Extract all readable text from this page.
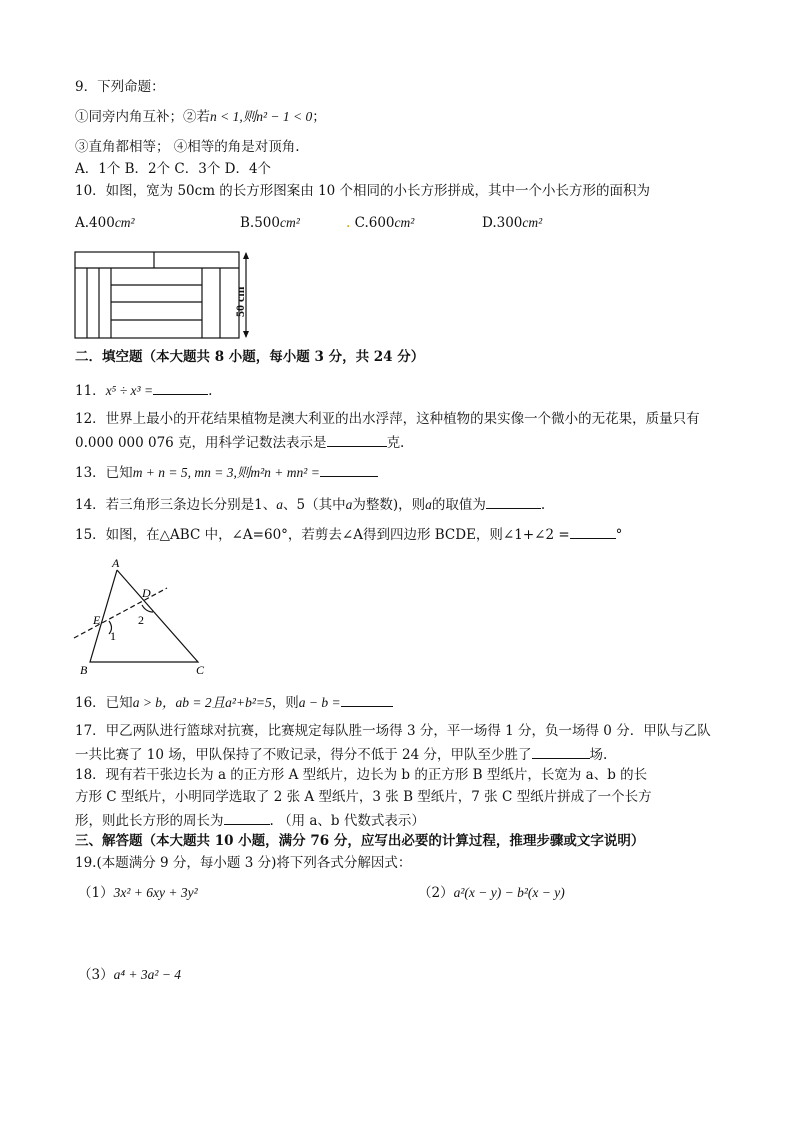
9．下列命题：
①同旁内角互补；②若n < 1,则n² − 1 < 0；
③直角都相等； ④相等的角是对顶角.
A．1个 B．2个 C．3个 D．4个
10．如图，宽为 50cm 的长方形图案由 10 个相同的小长方形拼成，其中一个小长方形的面积为
A.400cm²	B.500cm²	. C.600cm²	D.300cm²
50 cm
二．填空题（本大题共 8 小题，每小题 3 分，共 24 分）
11．x⁵ ÷ x³ =	.
12．世界上最小的开花结果植物是澳大利亚的出水浮萍，这种植物的果实像一个微小的无花果，质量只有
0.000 000 076 克，用科学记数法表示是	克.
13．已知m + n = 5, mn = 3,则m²n + mn² =
14．若三角形三条边长分别是1、a、5（其中a为整数)，则a的取值为	.
15．如图，在△ABC 中，∠A=60°，若剪去∠A得到四边形 BCDE，则∠1+∠2 =	°
A
B	C
D
E
1
2
16．已知a > b，ab = 2且a²+b²=5，则a − b =
17．甲乙两队进行篮球对抗赛，比赛规定每队胜一场得 3 分，平一场得 1 分，负一场得 0 分．甲队与乙队
一共比赛了 10 场，甲队保持了不败记录，得分不低于 24 分，甲队至少胜了	场.
18．现有若干张边长为 a 的正方形 A 型纸片，边长为 b 的正方形 B 型纸片，长宽为 a、b 的长
方形 C 型纸片，小明同学选取了 2 张 A 型纸片，3 张 B 型纸片，7 张 C 型纸片拼成了一个长方
形，则此长方形的周长为	. （用 a、b 代数式表示）
三、解答题（本大题共 10 小题，满分 76 分，应写出必要的计算过程，推理步骤或文字说明）
19.(本题满分 9 分，每小题 3 分)将下列各式分解因式：
（1）3x² + 6xy + 3y²	（2）a²(x − y) − b²(x − y)
（3）a⁴ + 3a² − 4
